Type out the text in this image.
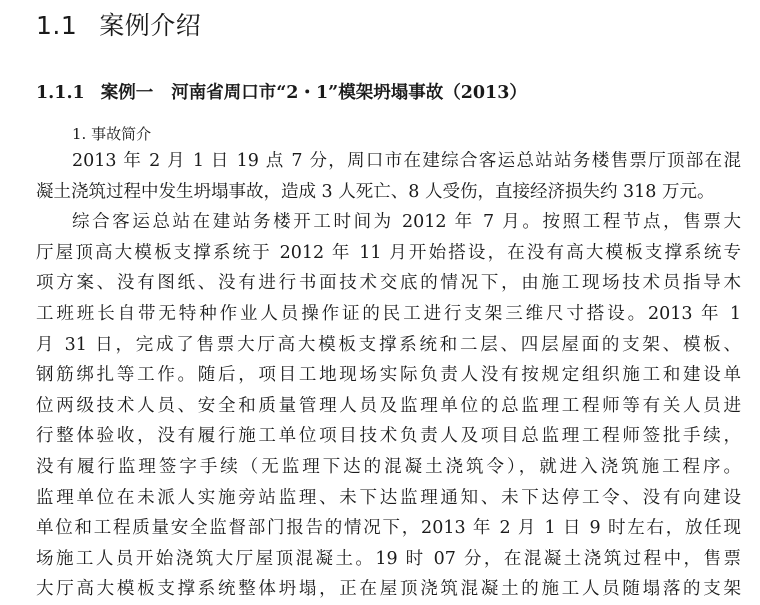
1.1 案例介绍
1.1.1 案例一 河南省周口市“2・1”模架坍塌事故（2013）
1. 事故简介

2013 年 2 月 1 日 19 点 7 分，周口市在建综合客运总站站务楼售票厅顶部在混
凝土浇筑过程中发生坍塌事故，造成 3 人死亡、8 人受伤，直接经济损失约 318 万元。

综合客运总站在建站务楼开工时间为 2012 年 7 月。按照工程节点，售票大
厅屋顶高大模板支撑系统于 2012 年 11 月开始搭设，在没有高大模板支撑系统专
项方案、没有图纸、没有进行书面技术交底的情况下，由施工现场技术员指导木
工班班长自带无特种作业人员操作证的民工进行支架三维尺寸搭设。2013 年 1
月 31 日，完成了售票大厅高大模板支撑系统和二层、四层屋面的支架、模板、
钢筋绑扎等工作。随后，项目工地现场实际负责人没有按规定组织施工和建设单
位两级技术人员、安全和质量管理人员及监理单位的总监理工程师等有关人员进
行整体验收，没有履行施工单位项目技术负责人及项目总监理工程师签批手续，
没有履行监理签字手续（无监理下达的混凝土浇筑令），就进入浇筑施工程序。
监理单位在未派人实施旁站监理、未下达监理通知、未下达停工令、没有向建设
单位和工程质量安全监督部门报告的情况下，2013 年 2 月 1 日 9 时左右，放任现
场施工人员开始浇筑大厅屋顶混凝土。19 时 07 分，在混凝土浇筑过程中，售票
大厅高大模板支撑系统整体坍塌，正在屋顶浇筑混凝土的施工人员随塌落的支架
